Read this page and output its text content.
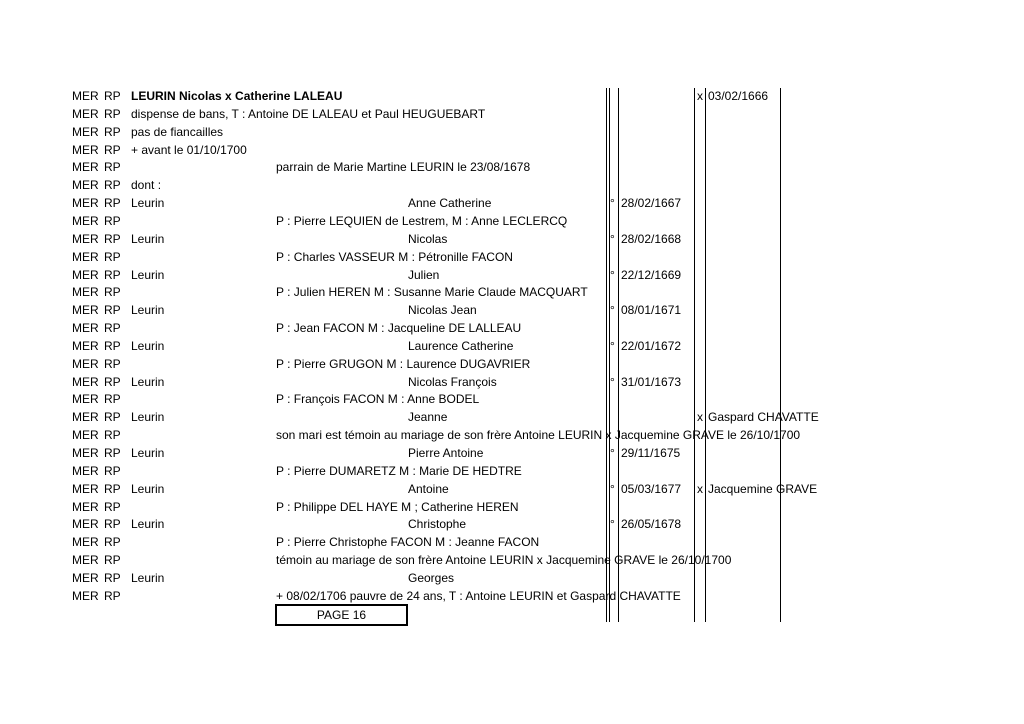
MER RP LEURIN Nicolas x Catherine LALEAU	x 03/02/1666
MER RP dispense de bans, T : Antoine DE LALEAU et Paul HEUGUEBART
MER RP pas de fiancailles
MER RP + avant le 01/10/1700
MER RP	parrain de Marie Martine LEURIN le 23/08/1678
MER RP dont :
MER RP Leurin	Anne Catherine	° 28/02/1667
MER RP	P : Pierre LEQUIEN de Lestrem, M : Anne LECLERCQ
MER RP Leurin	Nicolas	° 28/02/1668
MER RP	P : Charles VASSEUR M : Pétronille FACON
MER RP Leurin	Julien	° 22/12/1669
MER RP	P : Julien HEREN M : Susanne Marie Claude MACQUART
MER RP Leurin	Nicolas Jean	° 08/01/1671
MER RP	P : Jean FACON M : Jacqueline DE LALLEAU
MER RP Leurin	Laurence Catherine	° 22/01/1672
MER RP	P : Pierre GRUGON M : Laurence DUGAVRIER
MER RP Leurin	Nicolas François	° 31/01/1673
MER RP	P : François FACON M : Anne BODEL
MER RP Leurin	Jeanne	x Gaspard CHAVATTE
MER RP	son mari est témoin au mariage de son frère Antoine LEURIN x Jacquemine GRAVE le 26/10/1700
MER RP Leurin	Pierre Antoine	° 29/11/1675
MER RP	P : Pierre DUMARETZ M : Marie DE HEDTRE
MER RP Leurin	Antoine	° 05/03/1677 x Jacquemine GRAVE
MER RP	P : Philippe DEL HAYE M ; Catherine HEREN
MER RP Leurin	Christophe	° 26/05/1678
MER RP	P : Pierre Christophe FACON M : Jeanne FACON
MER RP	témoin au mariage de son frère Antoine LEURIN x Jacquemine GRAVE le 26/10/1700
MER RP Leurin	Georges
MER RP	+ 08/02/1706 pauvre de 24 ans, T : Antoine LEURIN et Gaspard CHAVATTE
PAGE 16
